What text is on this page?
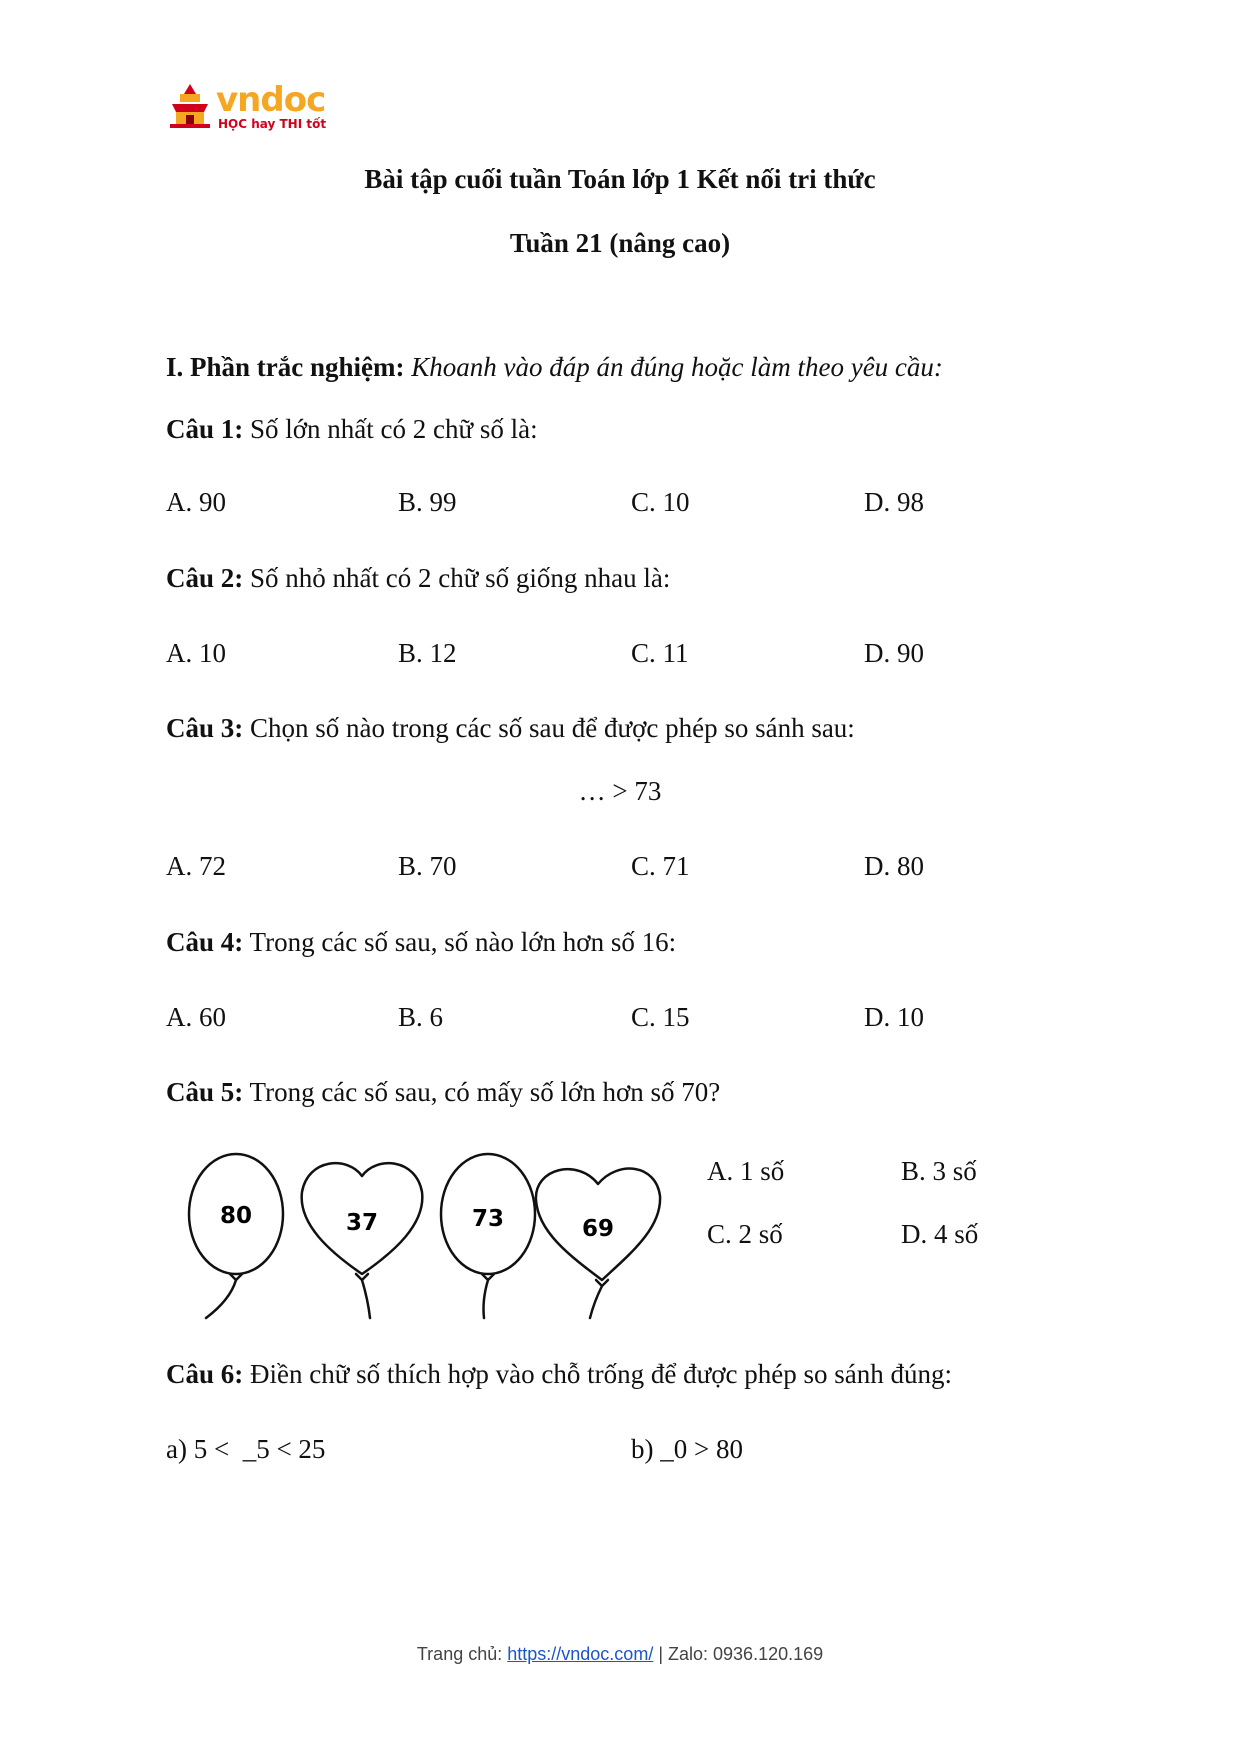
vndoc
HỌC hay THI tốt
Bài tập cuối tuần Toán lớp 1 Kết nối tri thức
Tuần 21 (nâng cao)
I. Phần trắc nghiệm: Khoanh vào đáp án đúng hoặc làm theo yêu cầu:
Câu 1: Số lớn nhất có 2 chữ số là:
A. 90	B. 99	C. 10	D. 98
Câu 2: Số nhỏ nhất có 2 chữ số giống nhau là:
A. 10	B. 12	C. 11	D. 90
Câu 3: Chọn số nào trong các số sau để được phép so sánh sau:
… > 73
A. 72	B. 70	C. 71	D. 80
Câu 4: Trong các số sau, số nào lớn hơn số 16:
A. 60	B. 6	C. 15	D. 10
Câu 5: Trong các số sau, có mấy số lớn hơn số 70?
80	37	73	69
A. 1 số	B. 3 số
C. 2 số	D. 4 số
Câu 6: Điền chữ số thích hợp vào chỗ trống để được phép so sánh đúng:
a) 5 <  _5 < 25	b) _0 > 80
Trang chủ: https://vndoc.com/ | Zalo: 0936.120.169
